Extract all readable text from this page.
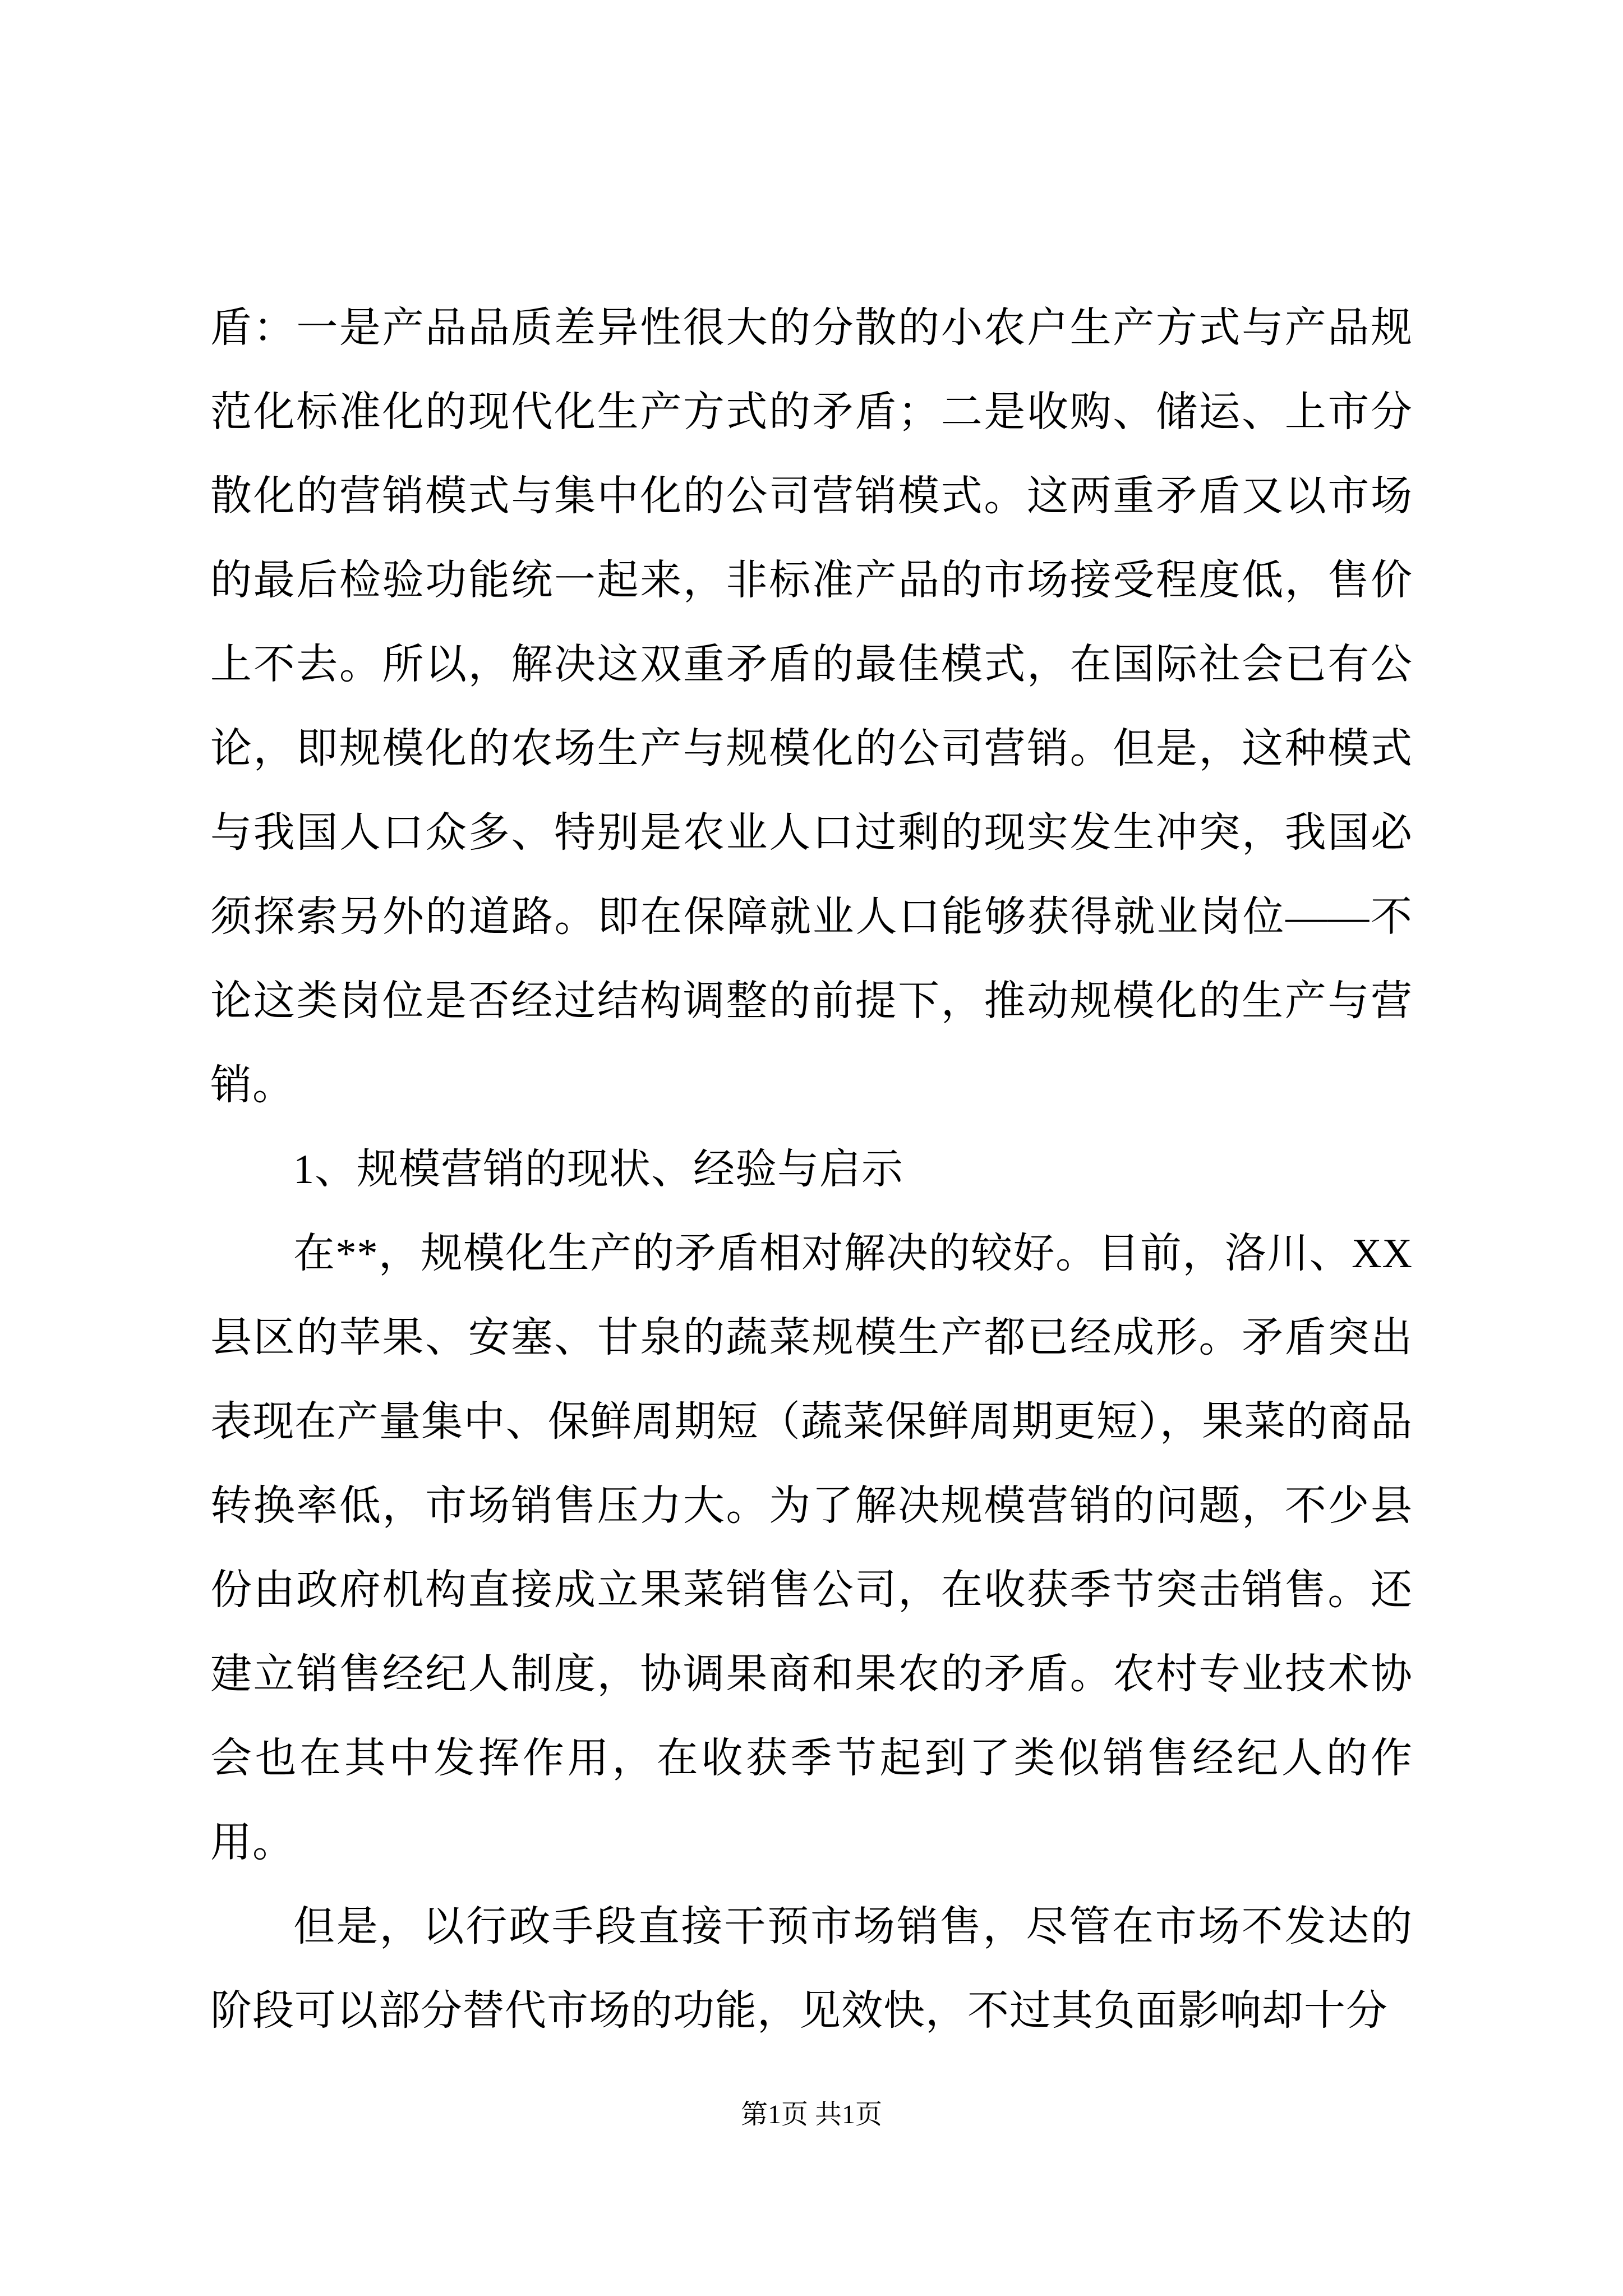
盾：一是产品品质差异性很大的分散的小农户生产方式与产品规范化标准化的现代化生产方式的矛盾；二是收购、储运、上市分散化的营销模式与集中化的公司营销模式。这两重矛盾又以市场的最后检验功能统一起来，非标准产品的市场接受程度低，售价上不去。所以，解决这双重矛盾的最佳模式，在国际社会已有公论，即规模化的农场生产与规模化的公司营销。但是，这种模式与我国人口众多、特别是农业人口过剩的现实发生冲突，我国必须探索另外的道路。即在保障就业人口能够获得就业岗位——不论这类岗位是否经过结构调整的前提下，推动规模化的生产与营销。

1、规模营销的现状、经验与启示

在**，规模化生产的矛盾相对解决的较好。目前，洛川、XX县区的苹果、安塞、甘泉的蔬菜规模生产都已经成形。矛盾突出表现在产量集中、保鲜周期短（蔬菜保鲜周期更短），果菜的商品转换率低，市场销售压力大。为了解决规模营销的问题，不少县份由政府机构直接成立果菜销售公司，在收获季节突击销售。还建立销售经纪人制度，协调果商和果农的矛盾。农村专业技术协会也在其中发挥作用，在收获季节起到了类似销售经纪人的作用。

但是，以行政手段直接干预市场销售，尽管在市场不发达的阶段可以部分替代市场的功能，见效快，不过其负面影响却十分

第1页 共1页
